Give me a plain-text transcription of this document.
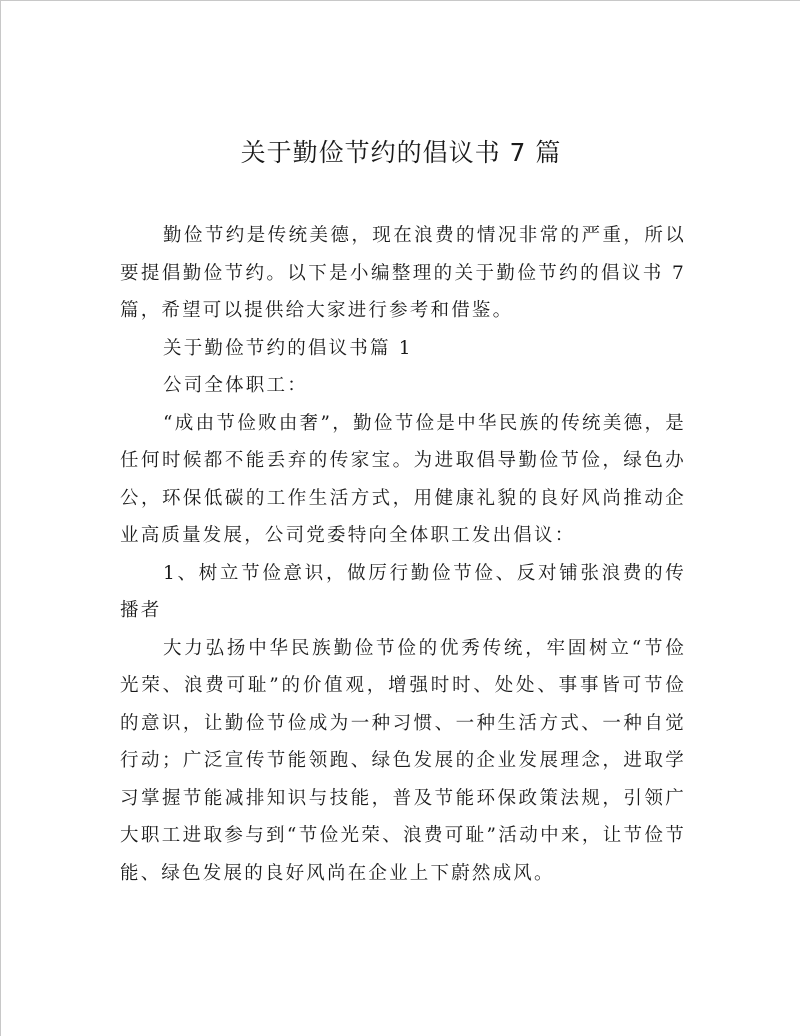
关于勤俭节约的倡议书 7 篇

勤俭节约是传统美德，现在浪费的情况非常的严重，所以要提倡勤俭节约。以下是小编整理的关于勤俭节约的倡议书 7 篇，希望可以提供给大家进行参考和借鉴。

关于勤俭节约的倡议书篇 1

公司全体职工：

“成由节俭败由奢”，勤俭节俭是中华民族的传统美德，是任何时候都不能丢弃的传家宝。为进取倡导勤俭节俭，绿色办公，环保低碳的工作生活方式，用健康礼貌的良好风尚推动企业高质量发展，公司党委特向全体职工发出倡议：

1、树立节俭意识，做厉行勤俭节俭、反对铺张浪费的传播者

大力弘扬中华民族勤俭节俭的优秀传统，牢固树立“节俭光荣、浪费可耻”的价值观，增强时时、处处、事事皆可节俭的意识，让勤俭节俭成为一种习惯、一种生活方式、一种自觉行动；广泛宣传节能领跑、绿色发展的企业发展理念，进取学习掌握节能减排知识与技能，普及节能环保政策法规，引领广大职工进取参与到“节俭光荣、浪费可耻”活动中来，让节俭节能、绿色发展的良好风尚在企业上下蔚然成风。
